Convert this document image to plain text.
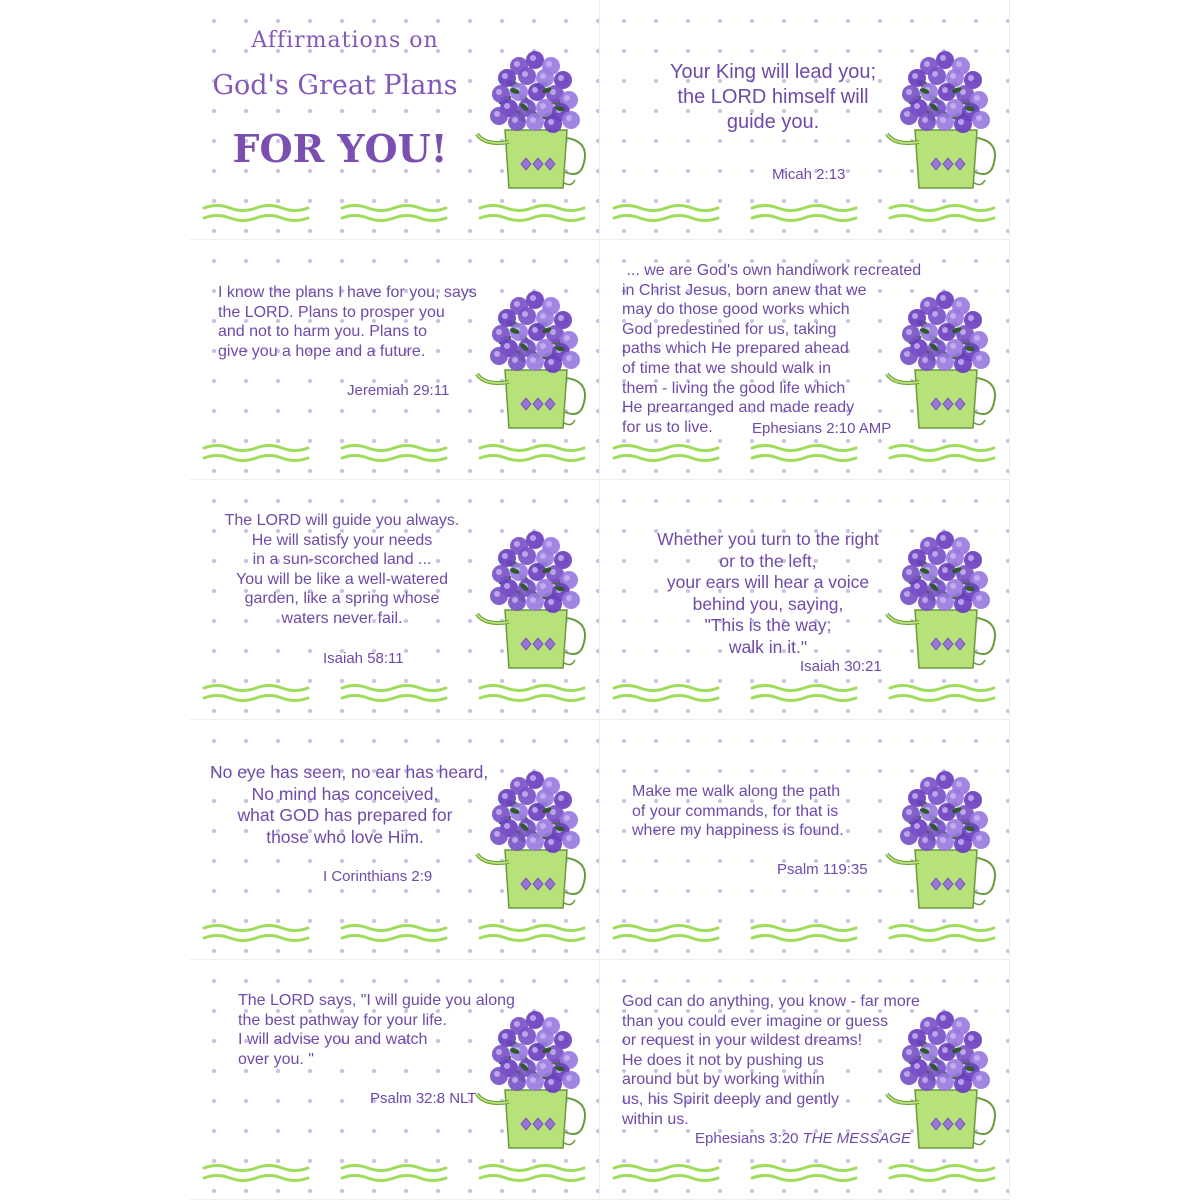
Affirmations on
God's Great Plans
FOR YOU!
Your King will lead you;
the LORD himself will
guide you.
Micah 2:13
I know the plans I have for you, says
the LORD. Plans to prosper you
and not to harm you. Plans to
give you a hope and a future.
Jeremiah 29:11
... we are God's own handiwork recreated
in Christ Jesus, born anew that we
may do those good works which
God predestined for us, taking
paths which He prepared ahead
of time that we should walk in
them - living the good life which
He prearranged and made ready
for us to live.	Ephesians 2:10 AMP
The LORD will guide you always.
He will satisfy your needs
in a sun-scorched land ...
You will be like a well-watered
garden, like a spring whose
waters never fail.
Isaiah 58:11
Whether you turn to the right
or to the left,
your ears will hear a voice
behind you, saying,
"This is the way;
walk in it."
Isaiah 30:21
No eye has seen, no ear has heard,
No mind has conceived,
what GOD has prepared for
those who love Him.
I Corinthians 2:9
Make me walk along the path
of your commands, for that is
where my happiness is found.
Psalm 119:35
The LORD says, "I will guide you along
the best pathway for your life.
I will advise you and watch
over you. "
Psalm 32:8 NLT
God can do anything, you know - far more
than you could ever imagine or guess
or request in your wildest dreams!
He does it not by pushing us
around but by working within
us, his Spirit deeply and gently
within us.
Ephesians 3:20 THE MESSAGE
